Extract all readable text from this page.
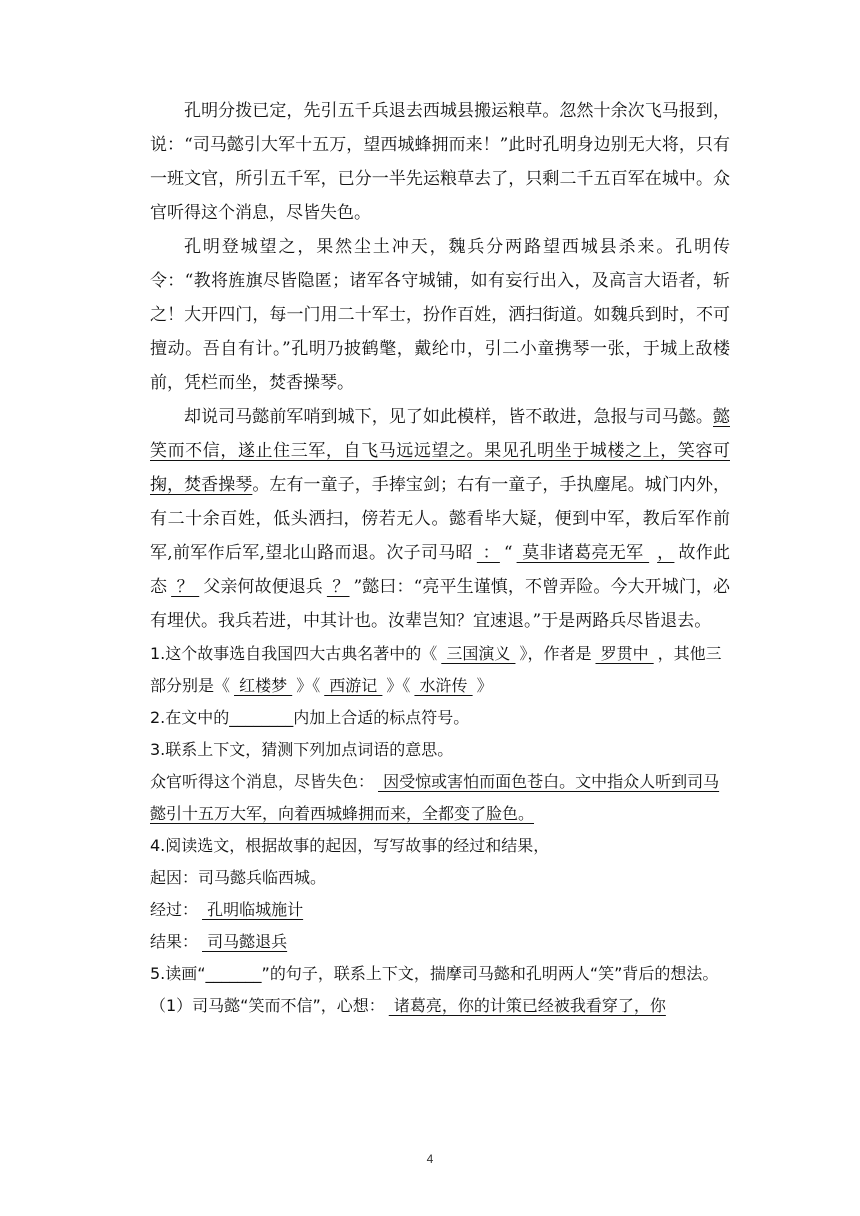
孔明分拨已定，先引五千兵退去西城县搬运粮草。忽然十余次飞马报到，说：“司马懿引大军十五万，望西城蜂拥而来！”此时孔明身边别无大将，只有一班文官，所引五千军，已分一半先运粮草去了，只剩二千五百军在城中。众官听得这个消息，尽皆失色。

孔明登城望之，果然尘土冲天，魏兵分两路望西城县杀来。孔明传令：“教将旌旗尽皆隐匿；诸军各守城铺，如有妄行出入，及高言大语者，斩之！大开四门，每一门用二十军士，扮作百姓，洒扫街道。如魏兵到时，不可擅动。吾自有计。”孔明乃披鹤氅，戴纶巾，引二小童携琴一张，于城上敌楼前，凭栏而坐，焚香操琴。

却说司马懿前军哨到城下，见了如此模样，皆不敢进，急报与司马懿。懿笑而不信，遂止住三军，自飞马远远望之。果见孔明坐于城楼之上，笑容可掬，焚香操琴。左有一童子，手捧宝剑；右有一童子，手执麈尾。城门内外，有二十余百姓，低头洒扫，傍若无人。懿看毕大疑，便到中军，教后军作前军,前军作后军,望北山路而退。次子司马昭 ： “ 莫非诸葛亮无军 ， 故作此态 ？ 父亲何故便退兵 ？ ”懿曰：“亮平生谨慎，不曾弄险。今大开城门，必有埋伏。我兵若进，中其计也。汝辈岂知？宜速退。”于是两路兵尽皆退去。

1.这个故事选自我国四大古典名著中的《 三国演义 》，作者是 罗贯中 ，其他三部分别是《 红楼梦 》《 西游记 》《 水浒传 》

2.在文中的________内加上合适的标点符号。

3.联系上下文，猜测下列加点词语的意思。

众官听得这个消息，尽皆失色： 因受惊或害怕而面色苍白。文中指众人听到司马懿引十五万大军，向着西城蜂拥而来，全都变了脸色。

4.阅读选文，根据故事的起因，写写故事的经过和结果，

起因：司马懿兵临西城。

经过： 孔明临城施计

结果： 司马懿退兵

5.读画“_______”的句子，联系上下文，揣摩司马懿和孔明两人“笑”背后的想法。

（1）司马懿“笑而不信”，心想： 诸葛亮，你的计策已经被我看穿了，你

4
